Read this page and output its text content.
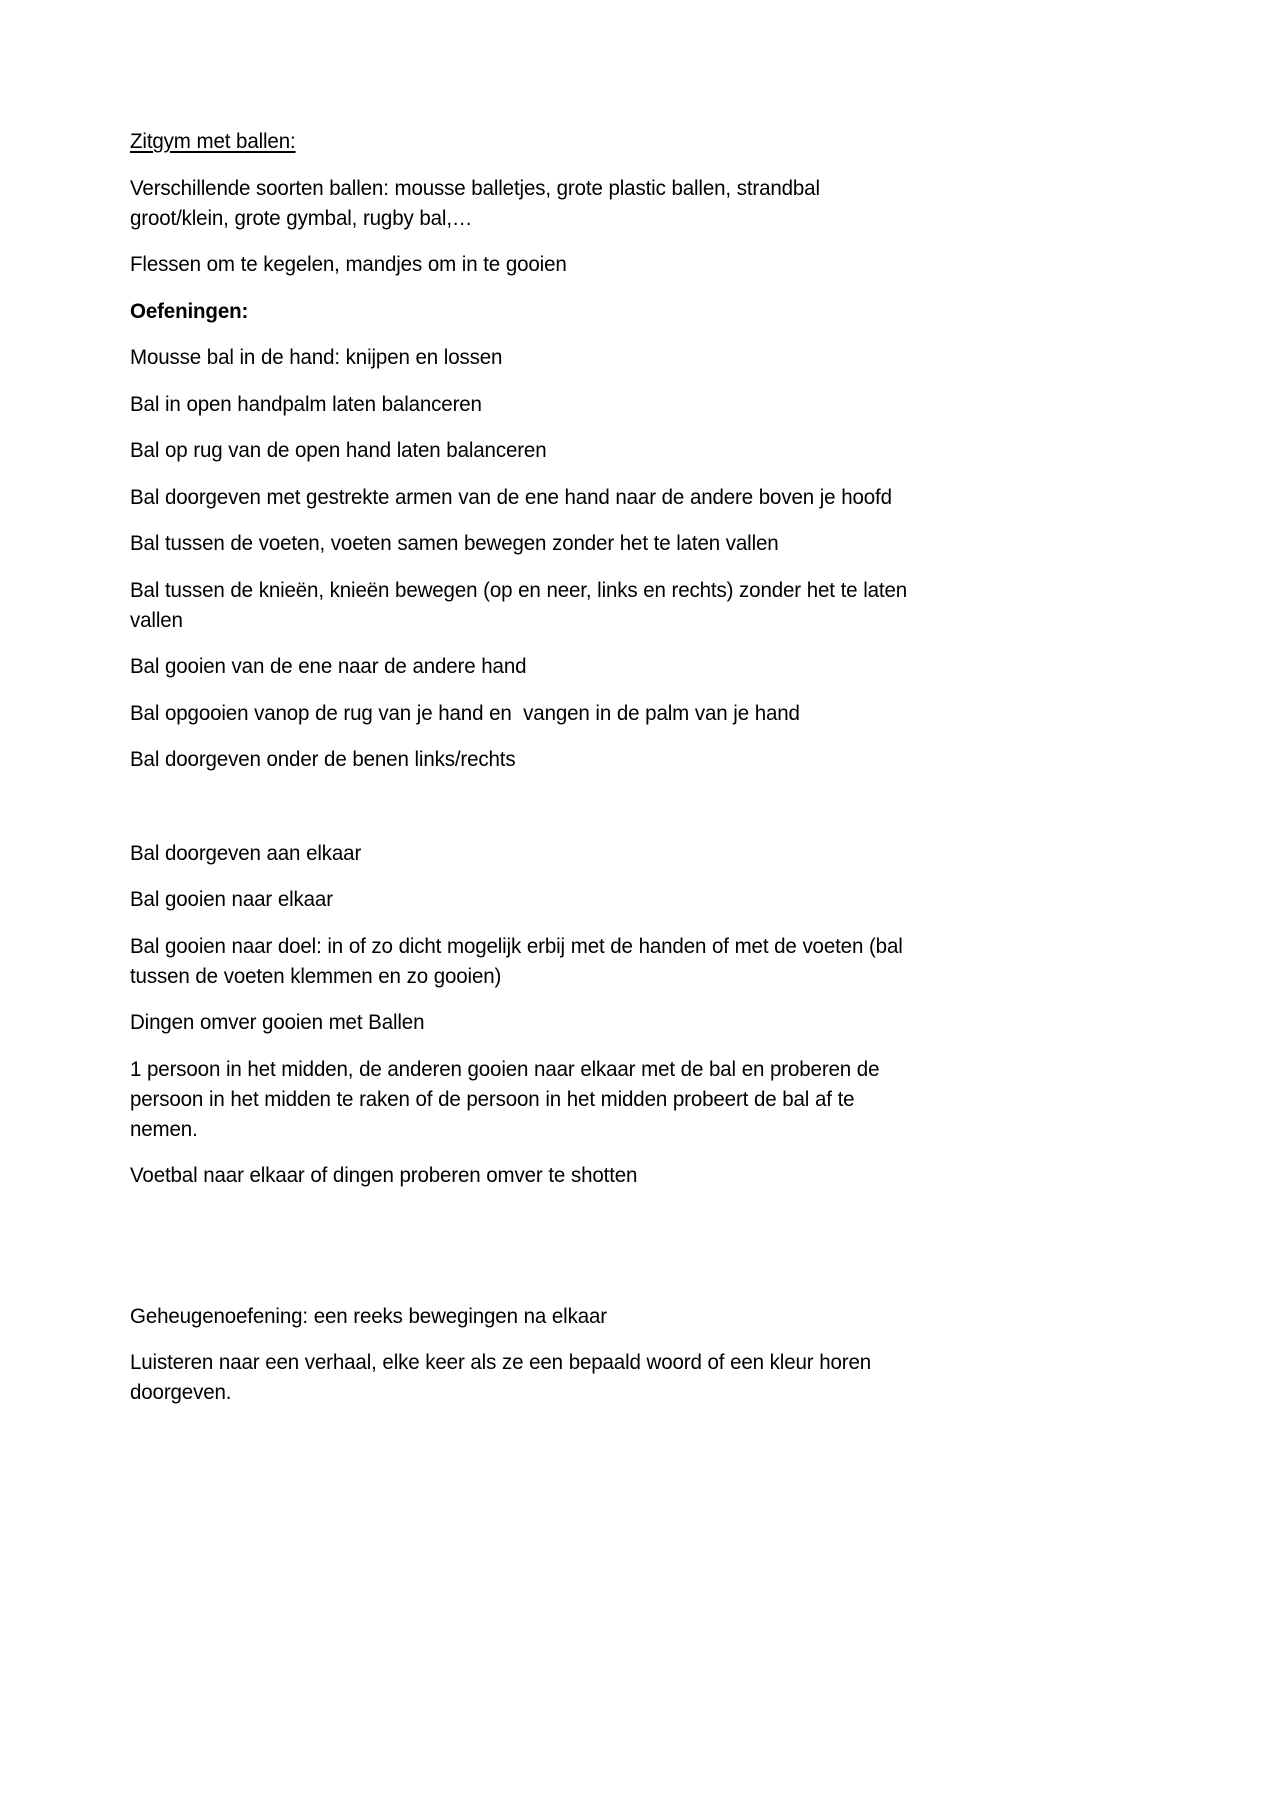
Zitgym met ballen:

Verschillende soorten ballen: mousse balletjes, grote plastic ballen, strandbal groot/klein, grote gymbal, rugby bal,…

Flessen om te kegelen, mandjes om in te gooien

Oefeningen:

Mousse bal in de hand: knijpen en lossen

Bal in open handpalm laten balanceren

Bal op rug van de open hand laten balanceren

Bal doorgeven met gestrekte armen van de ene hand naar de andere boven je hoofd

Bal tussen de voeten, voeten samen bewegen zonder het te laten vallen

Bal tussen de knieën, knieën bewegen (op en neer, links en rechts) zonder het te laten vallen

Bal gooien van de ene naar de andere hand

Bal opgooien vanop de rug van je hand en  vangen in de palm van je hand

Bal doorgeven onder de benen links/rechts

Bal doorgeven aan elkaar

Bal gooien naar elkaar

Bal gooien naar doel: in of zo dicht mogelijk erbij met de handen of met de voeten (bal tussen de voeten klemmen en zo gooien)

Dingen omver gooien met Ballen

1 persoon in het midden, de anderen gooien naar elkaar met de bal en proberen de persoon in het midden te raken of de persoon in het midden probeert de bal af te nemen.

Voetbal naar elkaar of dingen proberen omver te shotten

Geheugenoefening: een reeks bewegingen na elkaar

Luisteren naar een verhaal, elke keer als ze een bepaald woord of een kleur horen doorgeven.
